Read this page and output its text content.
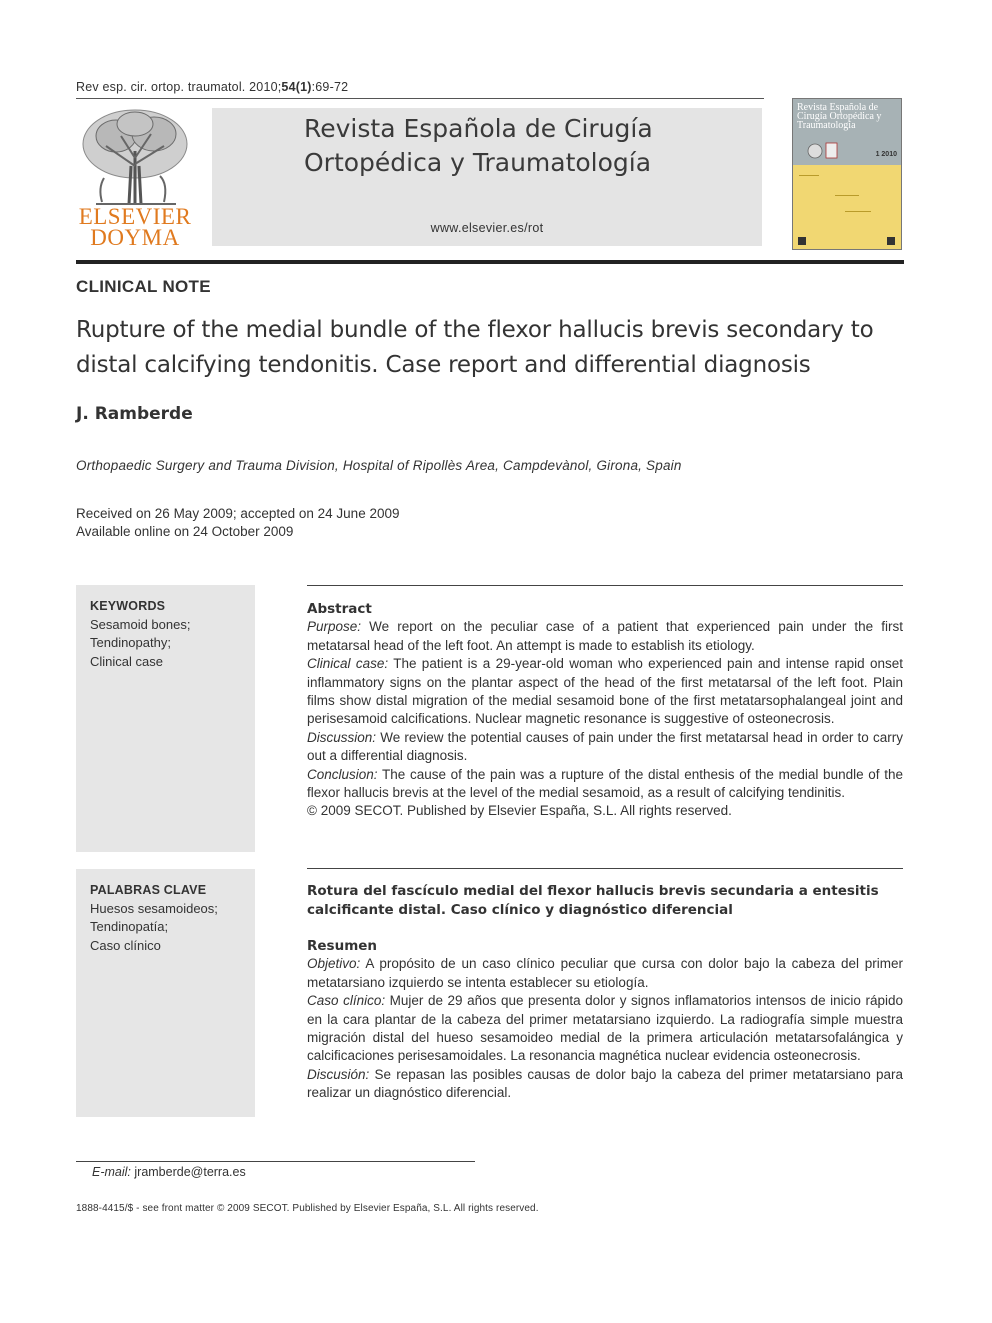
Rev esp. cir. ortop. traumatol. 2010;54(1):69-72
ELSEVIER
DOYMA
Revista Española de Cirugía
Ortopédica y Traumatología
www.elsevier.es/rot
Revista Española de Cirugía Ortopédica y Traumatología
1 2010
CLINICAL NOTE
Rupture of the medial bundle of the flexor hallucis brevis secondary to distal calcifying tendonitis. Case report and differential diagnosis
J. Ramberde
Orthopaedic Surgery and Trauma Division, Hospital of Ripollès Area, Campdevànol, Girona, Spain
Received on 26 May 2009; accepted on 24 June 2009
Available online on 24 October 2009
KEYWORDS
Sesamoid bones;
Tendinopathy;
Clinical case
Abstract
Purpose: We report on the peculiar case of a patient that experienced pain under the first metatarsal head of the left foot. An attempt is made to establish its etiology.
Clinical case: The patient is a 29-year-old woman who experienced pain and intense rapid onset inflammatory signs on the plantar aspect of the head of the first metatarsal of the left foot. Plain films show distal migration of the medial sesamoid bone of the first metatarsophalangeal joint and perisesamoid calcifications. Nuclear magnetic resonance is suggestive of osteonecrosis.
Discussion: We review the potential causes of pain under the first metatarsal head in order to carry out a differential diagnosis.
Conclusion: The cause of the pain was a rupture of the distal enthesis of the medial bundle of the flexor hallucis brevis at the level of the medial sesamoid, as a result of calcifying tendinitis.
© 2009 SECOT. Published by Elsevier España, S.L. All rights reserved.
PALABRAS CLAVE
Huesos sesamoideos;
Tendinopatía;
Caso clínico
Rotura del fascículo medial del flexor hallucis brevis secundaria a entesitis calcificante distal. Caso clínico y diagnóstico diferencial
Resumen
Objetivo: A propósito de un caso clínico peculiar que cursa con dolor bajo la cabeza del primer metatarsiano izquierdo se intenta establecer su etiología.
Caso clínico: Mujer de 29 años que presenta dolor y signos inflamatorios intensos de inicio rápido en la cara plantar de la cabeza del primer metatarsiano izquierdo. La radiografía simple muestra migración distal del hueso sesamoideo medial de la primera articulación metatarsofalángica y calcificaciones perisesamoidales. La resonancia magnética nuclear evidencia osteonecrosis.
Discusión: Se repasan las posibles causas de dolor bajo la cabeza del primer metatarsiano para realizar un diagnóstico diferencial.
E-mail: jramberde@terra.es
1888-4415/$ - see front matter © 2009 SECOT. Published by Elsevier España, S.L. All rights reserved.
